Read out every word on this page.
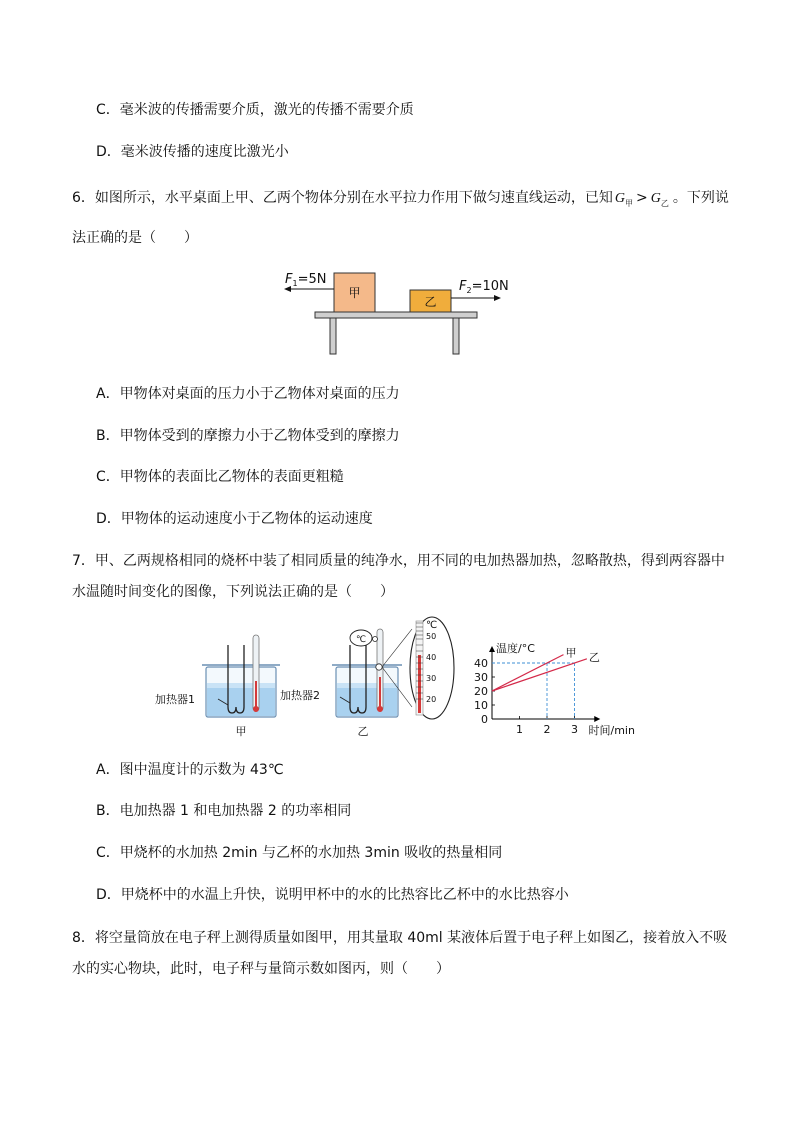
C．毫米波的传播需要介质，激光的传播不需要介质
D．毫米波传播的速度比激光小
6．如图所示，水平桌面上甲、乙两个物体分别在水平拉力作用下做匀速直线运动，已知 $G_甲 > G_乙$ 。下列说
法正确的是（　　）
甲
乙
$F_1=5N$	$F_2=10N$
A．甲物体对桌面的压力小于乙物体对桌面的压力
B．甲物体受到的摩擦力小于乙物体受到的摩擦力
C．甲物体的表面比乙物体的表面更粗糙
D．甲物体的运动速度小于乙物体的运动速度
7．甲、乙两规格相同的烧杯中装了相同质量的纯净水，用不同的电加热器加热，忽略散热，得到两容器中
水温随时间变化的图像，下列说法正确的是（　　）
加热器1
甲
加热器2
乙
℃
℃
50
40
30
20
0
10
20
30
40
1 2 3
甲 乙
温度/°C
时间/min
A．图中温度计的示数为 43℃
B．电加热器 1 和电加热器 2 的功率相同
C．甲烧杯的水加热 2min 与乙杯的水加热 3min 吸收的热量相同
D．甲烧杯中的水温上升快，说明甲杯中的水的比热容比乙杯中的水比热容小
8．将空量筒放在电子秤上测得质量如图甲，用其量取 40ml 某液体后置于电子秤上如图乙，接着放入不吸
水的实心物块，此时，电子秤与量筒示数如图丙，则（　　）
